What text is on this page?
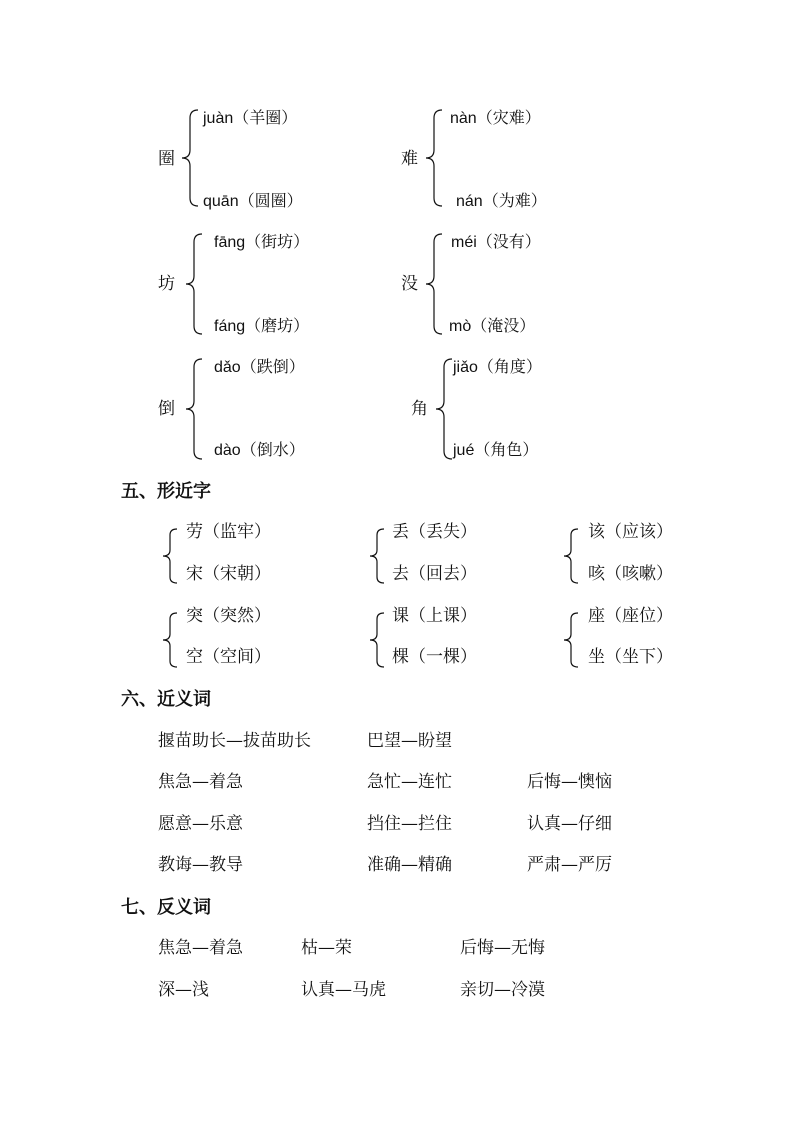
圈
juàn（羊圈）
quān（圆圈）
难
nàn（灾难）
nán（为难）
坊
fāng（街坊）
fáng（磨坊）
没
méi（没有）
mò（淹没）
倒
dǎo（跌倒）
dào（倒水）
角
jiǎo（角度）
jué（角色）
五、形近字
劳（监牢）
宋（宋朝）
丢（丢失）
去（回去）
该（应该）
咳（咳嗽）
突（突然）
空（空间）
课（上课）
棵（一棵）
座（座位）
坐（坐下）
六、近义词
揠苗助长—拔苗助长	巴望—盼望
焦急—着急	急忙—连忙	后悔—懊恼
愿意—乐意	挡住—拦住	认真—仔细
教诲—教导	准确—精确	严肃—严厉
七、反义词
焦急—着急	枯—荣	后悔—无悔
深—浅	认真—马虎	亲切—冷漠
